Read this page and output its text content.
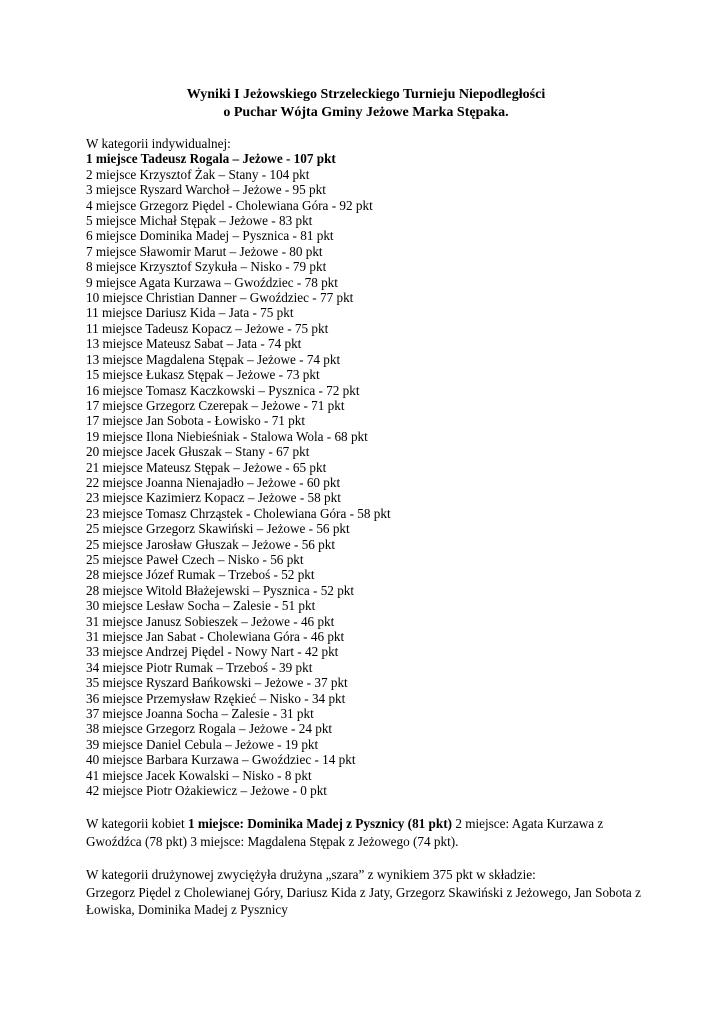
Wyniki I Jeżowskiego Strzeleckiego Turnieju Niepodległości
o Puchar Wójta Gminy Jeżowe Marka Stępaka.
W kategorii indywidualnej:
1 miejsce Tadeusz Rogala – Jeżowe - 107 pkt
2 miejsce Krzysztof Żak – Stany - 104 pkt
3 miejsce Ryszard Warchoł – Jeżowe - 95 pkt
4 miejsce Grzegorz Piędel - Cholewiana Góra - 92 pkt
5 miejsce Michał Stępak – Jeżowe - 83 pkt
6 miejsce Dominika Madej – Pysznica - 81 pkt
7 miejsce Sławomir Marut – Jeżowe - 80 pkt
8 miejsce Krzysztof Szykuła – Nisko - 79 pkt
9 miejsce Agata Kurzawa – Gwoździec - 78 pkt
10 miejsce Christian Danner – Gwoździec - 77 pkt
11 miejsce Dariusz Kida – Jata - 75 pkt
11 miejsce Tadeusz Kopacz – Jeżowe - 75 pkt
13 miejsce Mateusz Sabat – Jata - 74 pkt
13 miejsce Magdalena Stępak – Jeżowe - 74 pkt
15 miejsce Łukasz Stępak – Jeżowe - 73 pkt
16 miejsce Tomasz Kaczkowski – Pysznica - 72 pkt
17 miejsce Grzegorz Czerepak – Jeżowe - 71 pkt
17 miejsce Jan Sobota - Łowisko - 71 pkt
19 miejsce Ilona Niebieśniak - Stalowa Wola - 68 pkt
20 miejsce Jacek Głuszak – Stany - 67 pkt
21 miejsce Mateusz Stępak – Jeżowe - 65 pkt
22 miejsce Joanna Nienajadło – Jeżowe - 60 pkt
23 miejsce Kazimierz Kopacz – Jeżowe - 58 pkt
23 miejsce Tomasz Chrząstek - Cholewiana Góra - 58 pkt
25 miejsce Grzegorz Skawiński – Jeżowe - 56 pkt
25 miejsce Jarosław Głuszak – Jeżowe - 56 pkt
25 miejsce Paweł Czech – Nisko - 56 pkt
28 miejsce Józef Rumak – Trzeboś - 52 pkt
28 miejsce Witold Błażejewski – Pysznica - 52 pkt
30 miejsce Lesław Socha – Zalesie - 51 pkt
31 miejsce Janusz Sobieszek – Jeżowe - 46 pkt
31 miejsce Jan Sabat - Cholewiana Góra - 46 pkt
33 miejsce Andrzej Piędel - Nowy Nart - 42 pkt
34 miejsce Piotr Rumak – Trzeboś - 39 pkt
35 miejsce Ryszard Bańkowski – Jeżowe - 37 pkt
36 miejsce Przemysław Rzękieć – Nisko - 34 pkt
37 miejsce Joanna Socha – Zalesie - 31 pkt
38 miejsce Grzegorz Rogala – Jeżowe - 24 pkt
39 miejsce Daniel Cebula – Jeżowe - 19 pkt
40 miejsce Barbara Kurzawa – Gwoździec - 14 pkt
41 miejsce Jacek Kowalski – Nisko - 8 pkt
42 miejsce Piotr Ożakiewicz – Jeżowe - 0 pkt

W kategorii kobiet 1 miejsce: Dominika Madej z Pysznicy (81 pkt) 2 miejsce: Agata Kurzawa z Gwoźdźca (78 pkt) 3 miejsce: Magdalena Stępak z Jeżowego (74 pkt).

W kategorii drużynowej zwyciężyła drużyna „szara” z wynikiem 375 pkt w składzie:
Grzegorz Piędel z Cholewianej Góry, Dariusz Kida z Jaty, Grzegorz Skawiński z Jeżowego, Jan Sobota z Łowiska, Dominika Madej z Pysznicy
